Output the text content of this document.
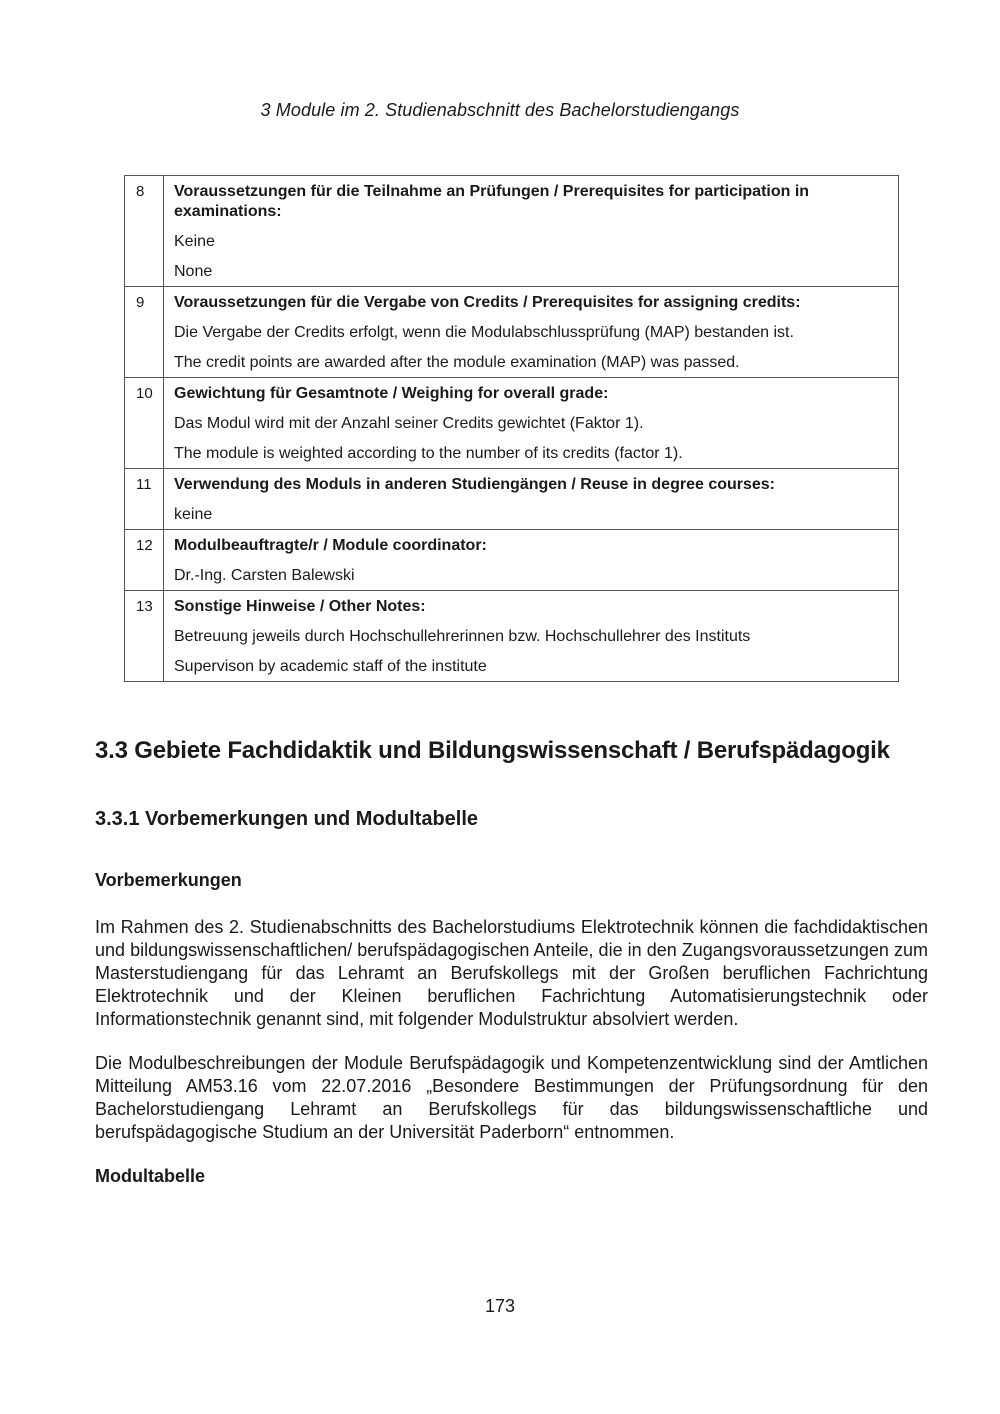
3 Module im 2. Studienabschnitt des Bachelorstudiengangs
8	Voraussetzungen für die Teilnahme an Prüfungen / Prerequisites for participation in examinations:
Keine
None

9	Voraussetzungen für die Vergabe von Credits / Prerequisites for assigning credits:
Die Vergabe der Credits erfolgt, wenn die Modulabschlussprüfung (MAP) bestanden ist.
The credit points are awarded after the module examination (MAP) was passed.

10	Gewichtung für Gesamtnote / Weighing for overall grade:
Das Modul wird mit der Anzahl seiner Credits gewichtet (Faktor 1).
The module is weighted according to the number of its credits (factor 1).

11	Verwendung des Moduls in anderen Studiengängen / Reuse in degree courses:
keine

12	Modulbeauftragte/r / Module coordinator:
Dr.-Ing. Carsten Balewski

13	Sonstige Hinweise / Other Notes:
Betreuung jeweils durch Hochschullehrerinnen bzw. Hochschullehrer des Instituts
Supervison by academic staff of the institute
3.3 Gebiete Fachdidaktik und Bildungswissenschaft / Berufspädagogik
3.3.1 Vorbemerkungen und Modultabelle
Vorbemerkungen

Im Rahmen des 2. Studienabschnitts des Bachelorstudiums Elektrotechnik können die fachdidaktischen und bildungswissenschaftlichen/ berufspädagogischen Anteile, die in den Zugangsvoraussetzungen zum Masterstudiengang für das Lehramt an Berufskollegs mit der Großen beruflichen Fachrichtung Elektrotechnik und der Kleinen beruflichen Fachrichtung Automatisierungstechnik oder Informationstechnik genannt sind, mit folgender Modulstruktur absolviert werden.

Die Modulbeschreibungen der Module Berufspädagogik und Kompetenzentwicklung sind der Amtlichen Mitteilung AM53.16 vom 22.07.2016 „Besondere Bestimmungen der Prüfungsordnung für den Bachelorstudiengang Lehramt an Berufskollegs für das bildungswissenschaftliche und berufspädagogische Studium an der Universität Paderborn“ entnommen.

Modultabelle
173
